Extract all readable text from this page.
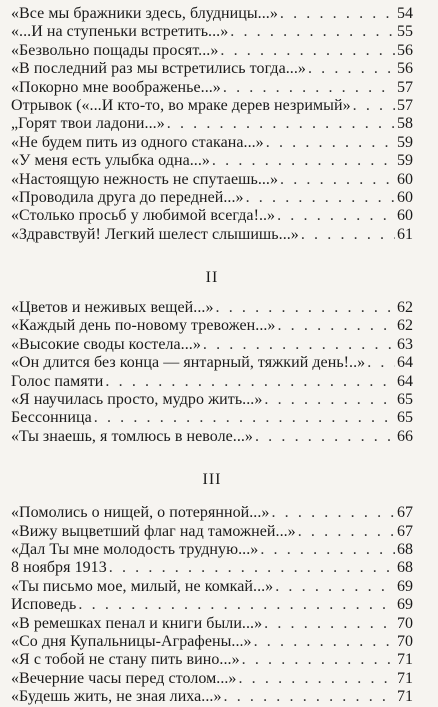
«Все мы бражники здесь, блудницы...» . . .	54
«...И на ступеньки встретить...» . . .	55
«Безвольно пощады просят...» . . .	56
«В последний раз мы встретились тогда...» . . .	56
«Покорно мне воображенье...» . . .	57
Отрывок («...И кто-то, во мраке дерев незримый» . . .	57
„Горят твои ладони...» . . .	58
«Не будем пить из одного стакана...» . . .	59
«У меня есть улыбка одна...» . . .	59
«Настоящую нежность не спутаешь...» . . .	60
«Проводила друга до передней...» . . .	60
«Столько просьб у любимой всегда!..» . . .	60
«Здравствуй! Легкий шелест слышишь...» . . .	61
II
«Цветов и неживых вещей...» . . .	62
«Каждый день по-новому тревожен...» . . .	62
«Высокие своды костела...» . . .	63
«Он длится без конца — янтарный, тяжкий день!..» . . . 64
Голос памяти . . .	64
«Я научилась просто, мудро жить...» . . .	65
Бессонница . . .	65
«Ты знаешь, я томлюсь в неволе...» . . .	66
III
«Помолись о нищей, о потерянной...» . . .	67
«Вижу выцветший флаг над таможней...» . . .	67
«Дал Ты мне молодость трудную...» . . .	68
8 ноября 1913 . . .	68
«Ты письмо мое, милый, не комкай...» . . .	69
Исповедь . . .	69
«В ремешках пенал и книги были...» . . .	70
«Со дня Купальницы-Аграфены...» . . .	70
«Я с тобой не стану пить вино...» . . .	71
«Вечерние часы перед столом...» . . .	71
«Будешь жить, не зная лиха...» . . .	71
